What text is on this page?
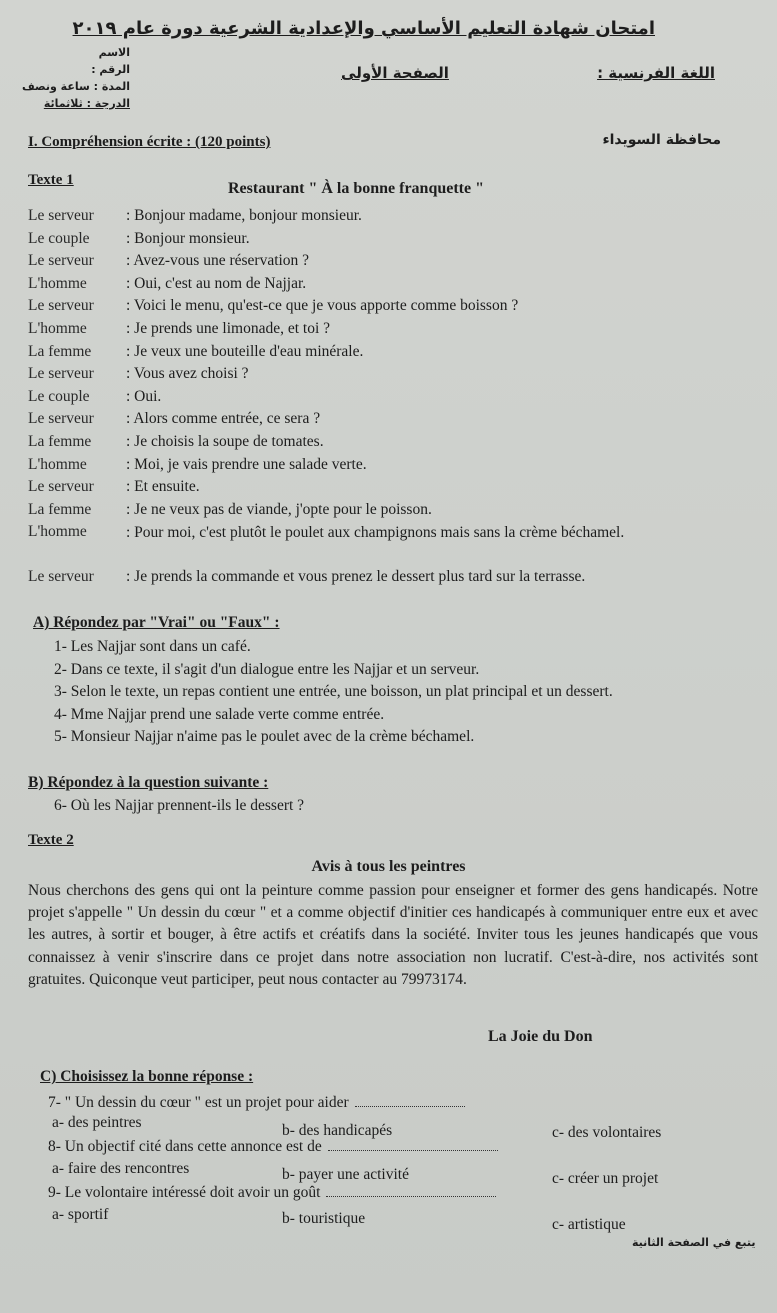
امتحان شهادة التعليم الأساسي والإعدادية الشرعية دورة عام ٢٠١٩
اللغة الفرنسية :
الصفحة الأولى
الاسم
الرقم :
المدة : ساعة ونصف
الدرجة : ثلاثمائة
محافظة السويداء
I. Compréhension écrite : (120 points)
Texte 1	Restaurant " À la bonne franquette "
Le serveur	: Bonjour madame, bonjour monsieur.
Le couple	: Bonjour monsieur.
Le serveur	: Avez-vous une réservation ?
L'homme	: Oui, c'est au nom de Najjar.
Le serveur	: Voici le menu, qu'est-ce que je vous apporte comme boisson ?
L'homme	: Je prends une limonade, et toi ?
La femme	: Je veux une bouteille d'eau minérale.
Le serveur	: Vous avez choisi ?
Le couple	: Oui.
Le serveur	: Alors comme entrée, ce sera ?
La femme	: Je choisis la soupe de tomates.
L'homme	: Moi, je vais prendre une salade verte.
Le serveur	: Et ensuite.
La femme	: Je ne veux pas de viande, j'opte pour le poisson.
L'homme	: Pour moi, c'est plutôt le poulet aux champignons mais sans la crème béchamel.
Le serveur	: Je prends la commande et vous prenez le dessert plus tard sur la terrasse.
A) Répondez par "Vrai" ou "Faux" :
1- Les Najjar sont dans un café.
2- Dans ce texte, il s'agit d'un dialogue entre les Najjar et un serveur.
3- Selon le texte, un repas contient une entrée, une boisson, un plat principal et un dessert.
4- Mme Najjar prend une salade verte comme entrée.
5- Monsieur Najjar n'aime pas le poulet avec de la crème béchamel.
B) Répondez à la question suivante :
6- Où les Najjar prennent-ils le dessert ?
Texte 2
Avis à tous les peintres
Nous cherchons des gens qui ont la peinture comme passion pour enseigner et former des gens handicapés. Notre projet s'appelle " Un dessin du cœur " et a comme objectif d'initier ces handicapés à communiquer entre eux et avec les autres, à sortir et bouger, à être actifs et créatifs dans la société. Inviter tous les jeunes handicapés que vous connaissez à venir s'inscrire dans ce projet dans notre association non lucratif. C'est-à-dire, nos activités sont gratuites. Quiconque veut participer, peut nous contacter au 79973174.
La Joie du Don
C) Choisissez la bonne réponse :
7- " Un dessin du cœur " est un projet pour aider
a- des peintres	b- des handicapés	c- des volontaires
8- Un objectif cité dans cette annonce est de
a- faire des rencontres	b- payer une activité	c- créer un projet
9- Le volontaire intéressé doit avoir un goût
a- sportif	b- touristique	c- artistique
يتبع في الصفحة الثانية
